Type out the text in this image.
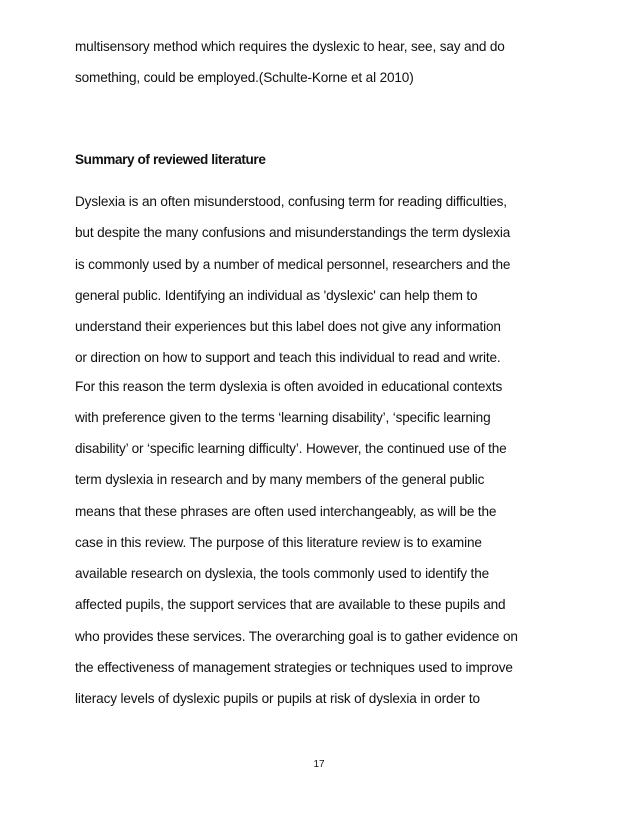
multisensory method which requires the dyslexic to hear, see, say and do
something, could be employed.(Schulte-Korne et al 2010)
Summary of reviewed literature
Dyslexia is an often misunderstood, confusing term for reading difficulties,
but despite the many confusions and misunderstandings the term dyslexia
is commonly used by a number of medical personnel, researchers and the
general public. Identifying an individual as 'dyslexic' can help them to
understand their experiences but this label does not give any information
or direction on how to support and teach this individual to read and write.
For this reason the term dyslexia is often avoided in educational contexts
with preference given to the terms ‘learning disability’, ‘specific learning
disability’ or ‘specific learning difficulty’. However, the continued use of the
term dyslexia in research and by many members of the general public
means that these phrases are often used interchangeably, as will be the
case in this review. The purpose of this literature review is to examine
available research on dyslexia, the tools commonly used to identify the
affected pupils, the support services that are available to these pupils and
who provides these services. The overarching goal is to gather evidence on
the effectiveness of management strategies or techniques used to improve
literacy levels of dyslexic pupils or pupils at risk of dyslexia in order to
17
